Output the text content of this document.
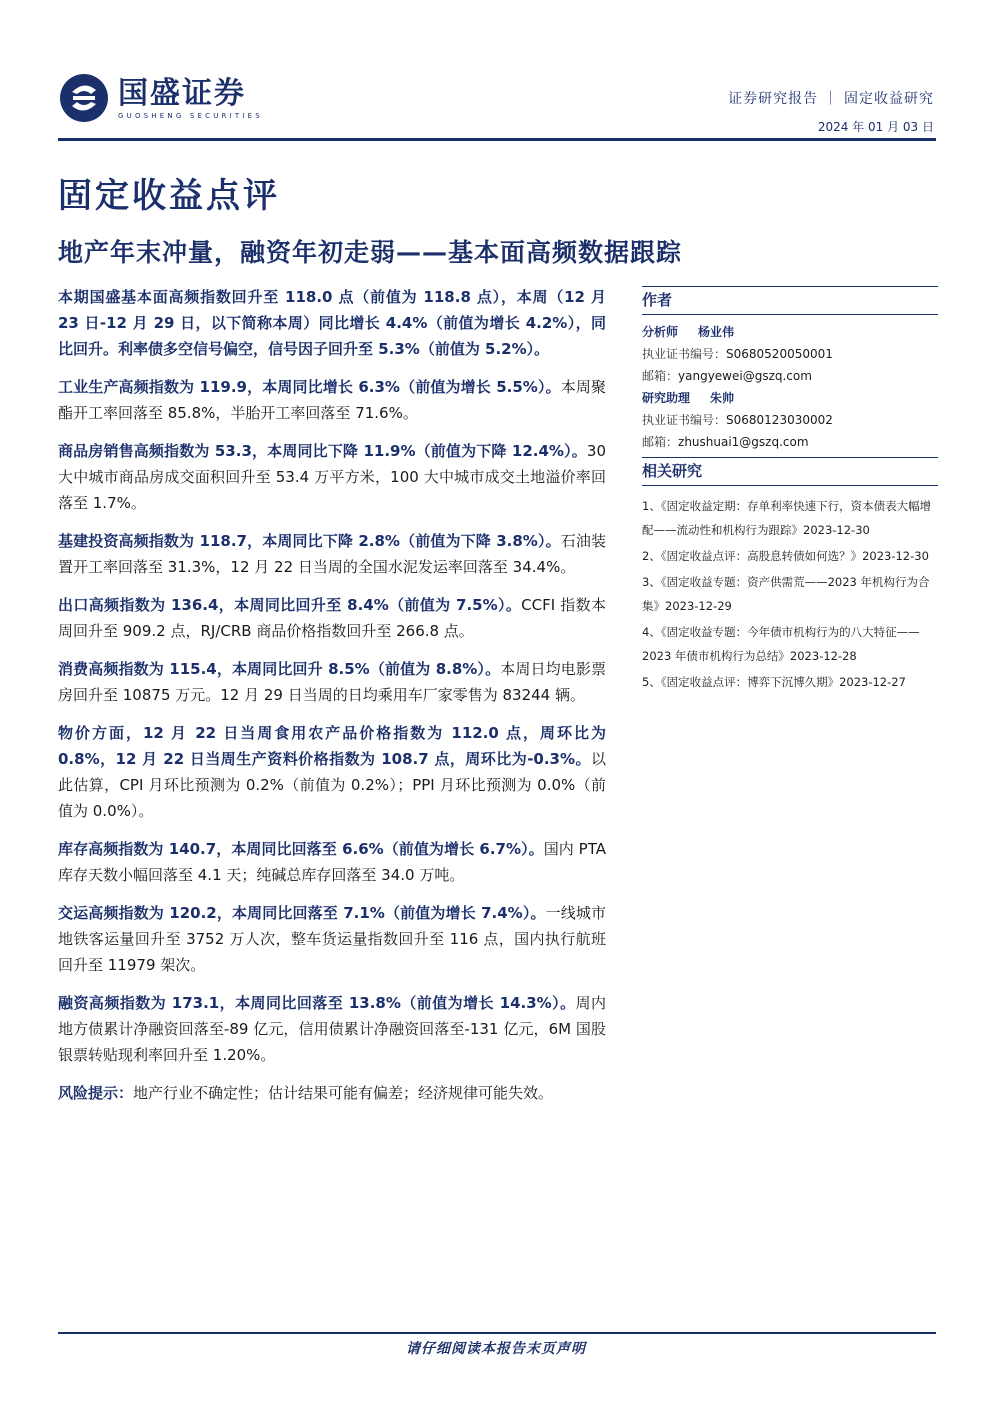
国盛证券
GUOSHENG SECURITIES
证券研究报告 ｜ 固定收益研究
2024 年 01 月 03 日
固定收益点评
地产年末冲量，融资年初走弱——基本面高频数据跟踪

本期国盛基本面高频指数回升至 118.0 点（前值为 118.8 点），本周（12 月 23 日-12 月 29 日，以下简称本周）同比增长 4.4%（前值为增长 4.2%），同比回升。利率债多空信号偏空，信号因子回升至 5.3%（前值为 5.2%）。

工业生产高频指数为 119.9，本周同比增长 6.3%（前值为增长 5.5%）。本周聚酯开工率回落至 85.8%，半胎开工率回落至 71.6%。

商品房销售高频指数为 53.3，本周同比下降 11.9%（前值为下降 12.4%）。30 大中城市商品房成交面积回升至 53.4 万平方米，100 大中城市成交土地溢价率回落至 1.7%。

基建投资高频指数为 118.7，本周同比下降 2.8%（前值为下降 3.8%）。石油装置开工率回落至 31.3%，12 月 22 日当周的全国水泥发运率回落至 34.4%。

出口高频指数为 136.4，本周同比回升至 8.4%（前值为 7.5%）。CCFI 指数本周回升至 909.2 点，RJ/CRB 商品价格指数回升至 266.8 点。

消费高频指数为 115.4，本周同比回升 8.5%（前值为 8.8%）。本周日均电影票房回升至 10875 万元。12 月 29 日当周的日均乘用车厂家零售为 83244 辆。

物价方面，12 月 22 日当周食用农产品价格指数为 112.0 点，周环比为 0.8%，12 月 22 日当周生产资料价格指数为 108.7 点，周环比为-0.3%。以此估算，CPI 月环比预测为 0.2%（前值为 0.2%）；PPI 月环比预测为 0.0%（前值为 0.0%）。

库存高频指数为 140.7，本周同比回落至 6.6%（前值为增长 6.7%）。国内 PTA 库存天数小幅回落至 4.1 天；纯碱总库存回落至 34.0 万吨。

交运高频指数为 120.2，本周同比回落至 7.1%（前值为增长 7.4%）。一线城市地铁客运量回升至 3752 万人次，整车货运量指数回升至 116 点，国内执行航班回升至 11979 架次。

融资高频指数为 173.1，本周同比回落至 13.8%（前值为增长 14.3%）。周内地方债累计净融资回落至-89 亿元，信用债累计净融资回落至-131 亿元，6M 国股银票转贴现利率回升至 1.20%。

风险提示：地产行业不确定性；估计结果可能有偏差；经济规律可能失效。

作者
分析师 杨业伟
执业证书编号：S0680520050001
邮箱：yangyewei@gszq.com
研究助理 朱帅
执业证书编号：S0680123030002
邮箱：zhushuai1@gszq.com
相关研究
1、《固定收益定期：存单利率快速下行，资本债表大幅增配——流动性和机构行为跟踪》2023-12-30
2、《固定收益点评：高股息转债如何选？》2023-12-30
3、《固定收益专题：资产供需荒——2023 年机构行为合集》2023-12-29
4、《固定收益专题：今年债市机构行为的八大特征——2023 年债市机构行为总结》2023-12-28
5、《固定收益点评：博弈下沉博久期》2023-12-27
请仔细阅读本报告末页声明
